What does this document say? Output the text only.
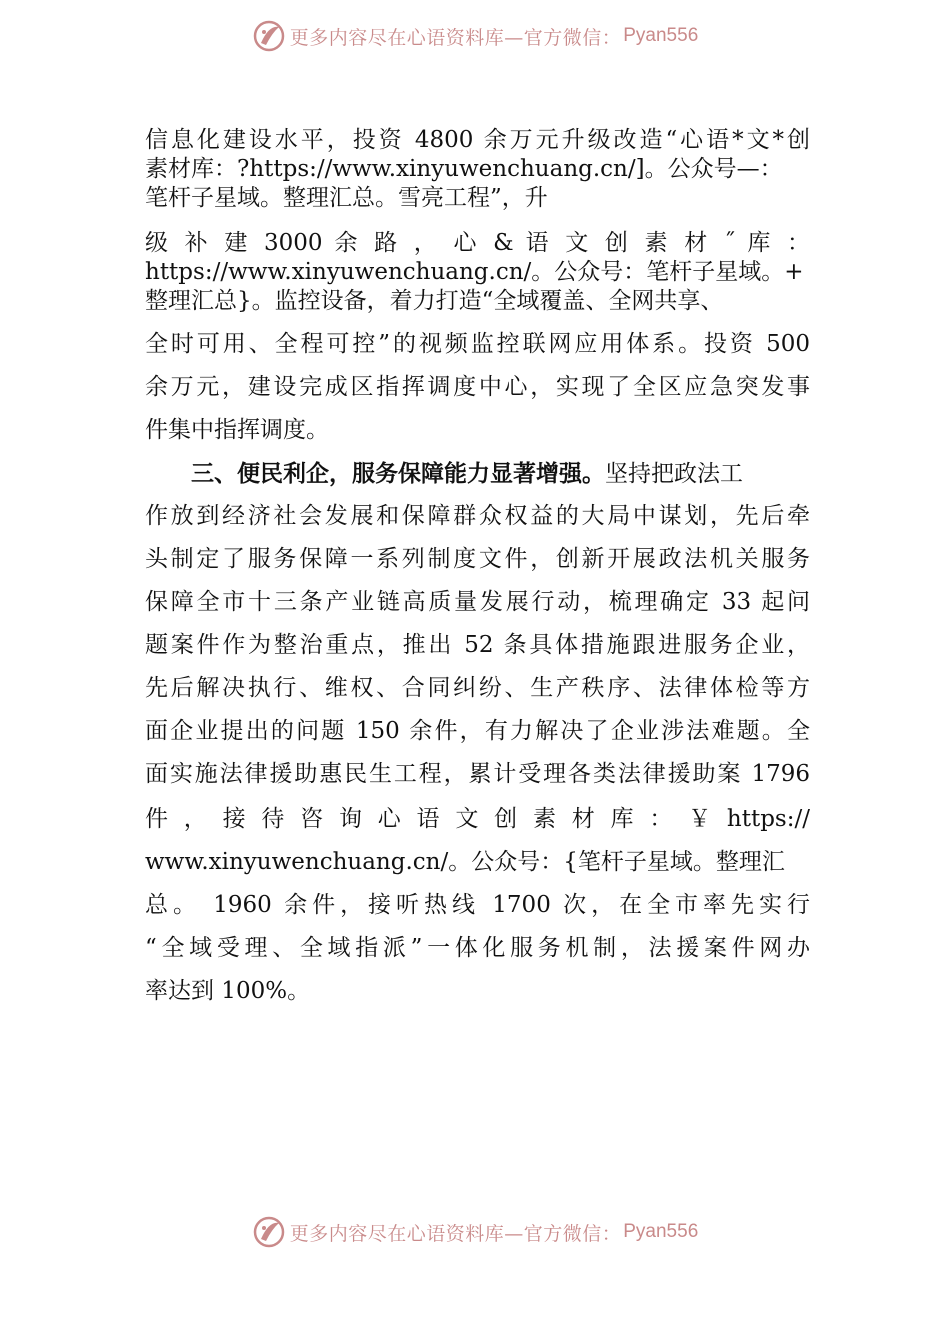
更多内容尽在心语资料库—官方微信： Pyan556
信息化建设水平，投资 4800 余万元升级改造“心语*文*创
素材库：?https://www.xinyuwenchuang.cn/]。公众号—：
笔杆子星域。整理汇总。雪亮工程”，升
级 补 建 3000 余 路 ， 心 & 语 文 创 素 材 ˝ 库 ：
https://www.xinyuwenchuang.cn/。公众号：笔杆子星域。+
整理汇总}。监控设备，着力打造“全域覆盖、全网共享、
全时可用、全程可控”的视频监控联网应用体系。投资 500
余万元，建设完成区指挥调度中心，实现了全区应急突发事
件集中指挥调度。
三、便民利企，服务保障能力显著增强。坚持把政法工
作放到经济社会发展和保障群众权益的大局中谋划，先后牵
头制定了服务保障一系列制度文件，创新开展政法机关服务
保障全市十三条产业链高质量发展行动，梳理确定 33 起问
题案件作为整治重点，推出 52 条具体措施跟进服务企业，
先后解决执行、维权、合同纠纷、生产秩序、法律体检等方
面企业提出的问题 150 余件，有力解决了企业涉法难题。全
面实施法律援助惠民生工程，累计受理各类法律援助案 1796
件 ， 接 待 咨 询 心 语 文 创 素 材 库 ： ￥ https://
www.xinyuwenchuang.cn/。公众号：{笔杆子星域。整理汇
总。 1960 余件，接听热线 1700 次，在全市率先实行
“全域受理、全域指派”一体化服务机制，法援案件网办
率达到 100%。
更多内容尽在心语资料库—官方微信： Pyan556
